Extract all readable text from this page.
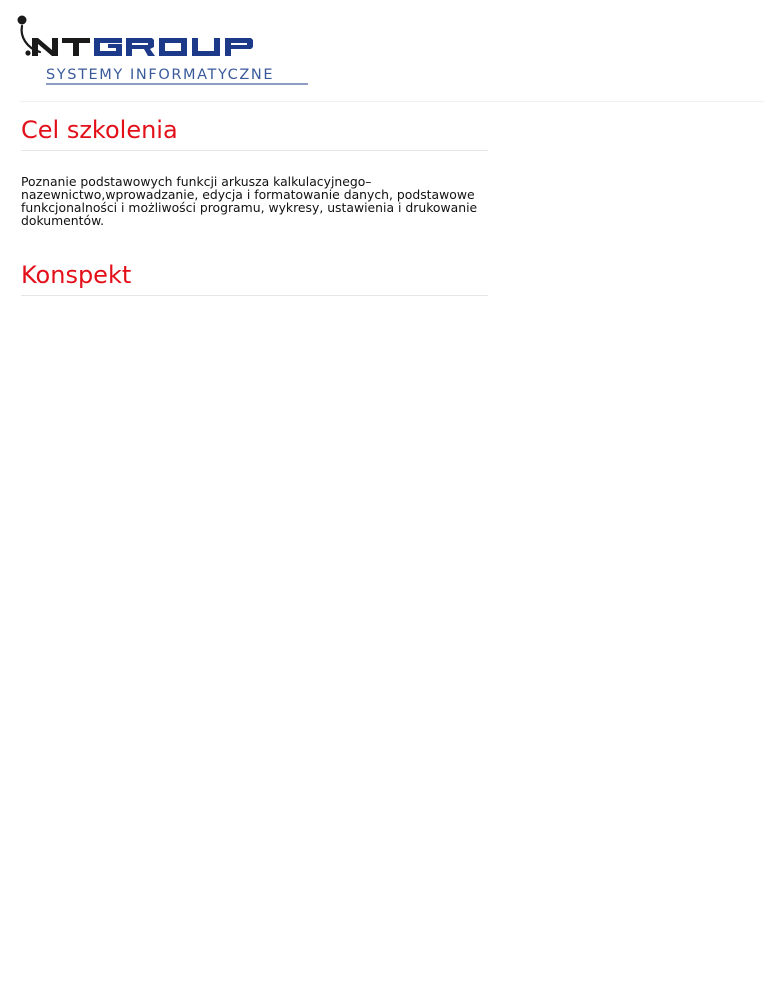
SYSTEMY INFORMATYCZNE
Cel szkolenia

Poznanie podstawowych funkcji arkusza kalkulacyjnego–nazewnictwo,wprowadzanie, edycja i formatowanie danych, podstawowe funkcjonalności i możliwości programu, wykresy, ustawienia i drukowanie dokumentów.

Konspekt
